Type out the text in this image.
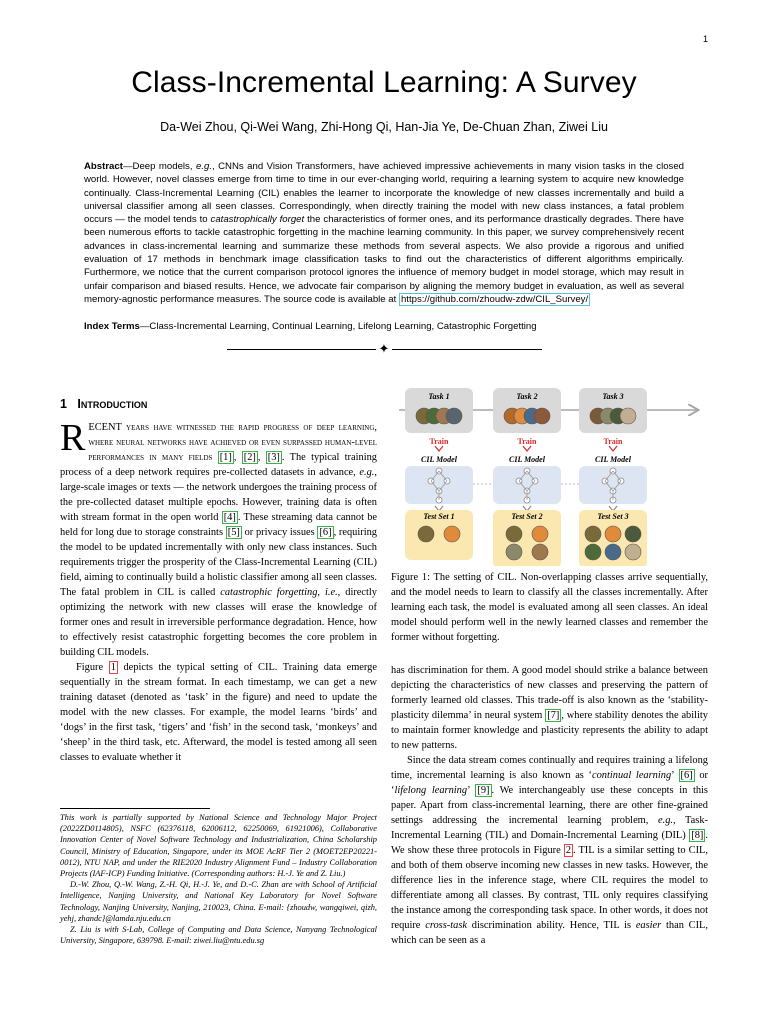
1
Class-Incremental Learning: A Survey
Da-Wei Zhou, Qi-Wei Wang, Zhi-Hong Qi, Han-Jia Ye, De-Chuan Zhan, Ziwei Liu
Abstract—Deep models, e.g., CNNs and Vision Transformers, have achieved impressive achievements in many vision tasks in the closed world. However, novel classes emerge from time to time in our ever-changing world, requiring a learning system to acquire new knowledge continually. Class-Incremental Learning (CIL) enables the learner to incorporate the knowledge of new classes incrementally and build a universal classifier among all seen classes. Correspondingly, when directly training the model with new class instances, a fatal problem occurs — the model tends to catastrophically forget the characteristics of former ones, and its performance drastically degrades. There have been numerous efforts to tackle catastrophic forgetting in the machine learning community. In this paper, we survey comprehensively recent advances in class-incremental learning and summarize these methods from several aspects. We also provide a rigorous and unified evaluation of 17 methods in benchmark image classification tasks to find out the characteristics of different algorithms empirically. Furthermore, we notice that the current comparison protocol ignores the influence of memory budget in model storage, which may result in unfair comparison and biased results. Hence, we advocate fair comparison by aligning the memory budget in evaluation, as well as several memory-agnostic performance measures. The source code is available at https://github.com/zhoudw-zdw/CIL_Survey/
Index Terms—Class-Incremental Learning, Continual Learning, Lifelong Learning, Catastrophic Forgetting
✦
1 Introduction
RECENT years have witnessed the rapid progress of deep learning, where neural networks have achieved or even surpassed human-level performances in many fields [1] , [2] , [3] . The typical training process of a deep network requires pre-collected datasets in advance, e.g., large-scale images or texts — the network undergoes the training process of the pre-collected dataset multiple epochs. However, training data is often with stream format in the open world [4] . These streaming data cannot be held for long due to storage constraints [5] or privacy issues [6] , requiring the model to be updated incrementally with only new class instances. Such requirements trigger the prosperity of the Class-Incremental Learning (CIL) field, aiming to continually build a holistic classifier among all seen classes. The fatal problem in CIL is called catastrophic forgetting, i.e., directly optimizing the network with new classes will erase the knowledge of former ones and result in irreversible performance degradation. Hence, how to effectively resist catastrophic forgetting becomes the core problem in building CIL models.
Figure 1 depicts the typical setting of CIL. Training data emerge sequentially in the stream format. In each timestamp, we can get a new training dataset (denoted as ‘task’ in the figure) and need to update the model with the new classes. For example, the model learns ‘birds’ and ‘dogs’ in the first task, ‘tigers’ and ‘fish’ in the second task, ‘monkeys’ and ‘sheep’ in the third task, etc. Afterward, the model is tested among all seen classes to evaluate whether it

This work is partially supported by National Science and Technology Major Project (2022ZD0114805), NSFC (62376118, 62006112, 62250069, 61921006), Collaborative Innovation Center of Novel Software Technology and Industrialization, China Scholarship Council, Ministry of Education, Singapore, under its MOE AcRF Tier 2 (MOET2EP20221- 0012), NTU NAP, and under the RIE2020 Industry Alignment Fund – Industry Collaboration Projects (IAF-ICP) Funding Initiative. (Corresponding authors: H.-J. Ye and Z. Liu.)

D.-W. Zhou, Q.-W. Wang, Z.-H. Qi, H.-J. Ye, and D.-C. Zhan are with School of Artificial Intelligence, Nanjing University, and National Key Laboratory for Novel Software Technology, Nanjing University, Nanjing, 210023, China. E-mail: {zhoudw, wangqiwei, qizh, yehj, zhandc}@lamda.nju.edu.cn

Z. Liu is with S-Lab, College of Computing and Data Science, Nanyang Technological University, Singapore, 639798. E-mail: ziwei.liu@ntu.edu.sg

Task 1
Train
CIL Model
Test Set 1
Task 2
Train
CIL Model
Test Set 2
Task 3
Train
CIL Model
Test Set 3
Figure 1: The setting of CIL. Non-overlapping classes arrive sequentially, and the model needs to learn to classify all the classes incrementally. After learning each task, the model is evaluated among all seen classes. An ideal model should perform well in the newly learned classes and remember the former without forgetting.
has discrimination for them. A good model should strike a balance between depicting the characteristics of new classes and preserving the pattern of formerly learned old classes. This trade-off is also known as the ‘stability-plasticity dilemma’ in neural system [7] , where stability denotes the ability to maintain former knowledge and plasticity represents the ability to adapt to new patterns.
Since the data stream comes continually and requires training a lifelong time, incremental learning is also known as ‘continual learning’ [6] or ‘lifelong learning’ [9] . We interchangeably use these concepts in this paper. Apart from class-incremental learning, there are other fine-grained settings addressing the incremental learning problem, e.g., Task-Incremental Learning (TIL) and Domain-Incremental Learning (DIL) [8] . We show these three protocols in Figure 2 . TIL is a similar setting to CIL, and both of them observe incoming new classes in new tasks. However, the difference lies in the inference stage, where CIL requires the model to differentiate among all classes. By contrast, TIL only requires classifying the instance among the corresponding task space. In other words, it does not require cross-task discrimination ability. Hence, TIL is easier than CIL, which can be seen as a
